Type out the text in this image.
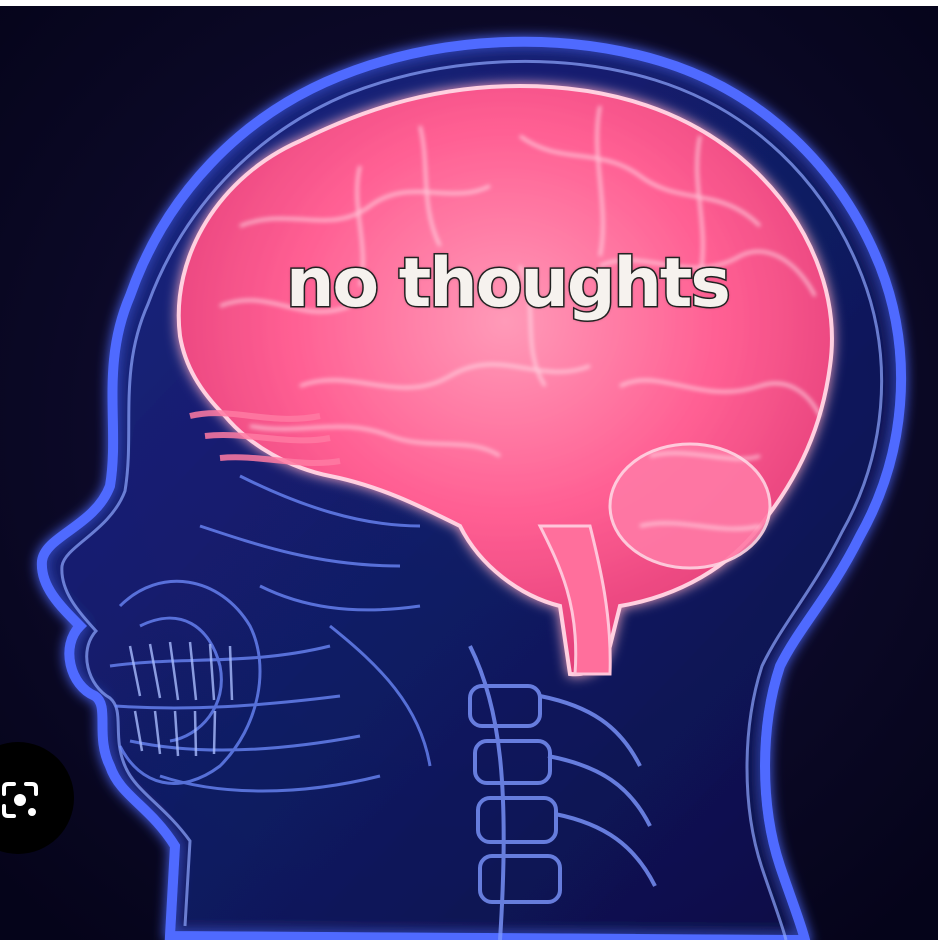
no thoughts
